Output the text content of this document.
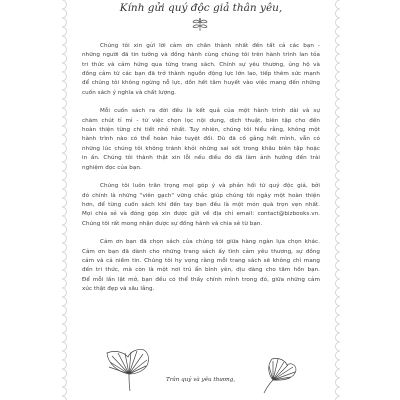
Kính gửi quý độc giả thân yêu,
Chúng tôi xin gửi lời cảm ơn chân thành nhất đến tất cả các bạn -
những người đã tin tưởng và đồng hành cùng chúng tôi trên hành trình lan tỏa
tri thức và cảm hứng qua từng trang sách. Chính sự yêu thương, ủng hộ và
đồng cảm từ các bạn đã trở thành nguồn động lực lớn lao, tiếp thêm sức mạnh
để chúng tôi không ngừng nỗ lực, dồn hết tâm huyết vào việc mang đến những
cuốn sách ý nghĩa và chất lượng.
Mỗi cuốn sách ra đời đều là kết quả của một hành trình dài và sự
chăm chút tỉ mỉ - từ việc chọn lọc nội dung, dịch thuật, biên tập cho đến
hoàn thiện từng chi tiết nhỏ nhất. Tuy nhiên, chúng tôi hiểu rằng, không một
hành trình nào có thể hoàn hảo tuyệt đối. Dù đã cố gắng hết mình, vẫn có
những lúc chúng tôi không tránh khỏi những sai sót trong khâu biên tập hoặc
in ấn. Chúng tôi thành thật xin lỗi nếu điều đó đã làm ảnh hưởng đến trải
nghiệm đọc của bạn.
Chúng tôi luôn trân trọng mọi góp ý và phản hồi từ quý độc giả, bởi
đó chính là những "viên gạch" vững chắc giúp chúng tôi ngày một hoàn thiện
hơn, để từng cuốn sách khi đến tay bạn đều là một món quà trọn vẹn nhất.
Mọi chia sẻ và đóng góp xin được gửi về địa chỉ email: contact@bizbooks.vn.
Chúng tôi rất mong nhận được sự đồng hành và chia sẻ từ bạn.
Cảm ơn bạn đã chọn sách của chúng tôi giữa hàng ngàn lựa chọn khác.
Cảm ơn bạn đã dành cho những trang sách ấy tình cảm yêu thương, sự đồng
cảm và cả niềm tin. Chúng tôi hy vọng rằng mỗi trang sách sẽ không chỉ mang
đến tri thức, mà còn là một nơi trú ẩn bình yên, dịu dàng cho tâm hồn bạn.
Để mỗi lần lật mở, bạn đều có thể thấy chính mình trong đó, giữa những cảm
xúc thật đẹp và sâu lắng.
Trân quý và yêu thương,
